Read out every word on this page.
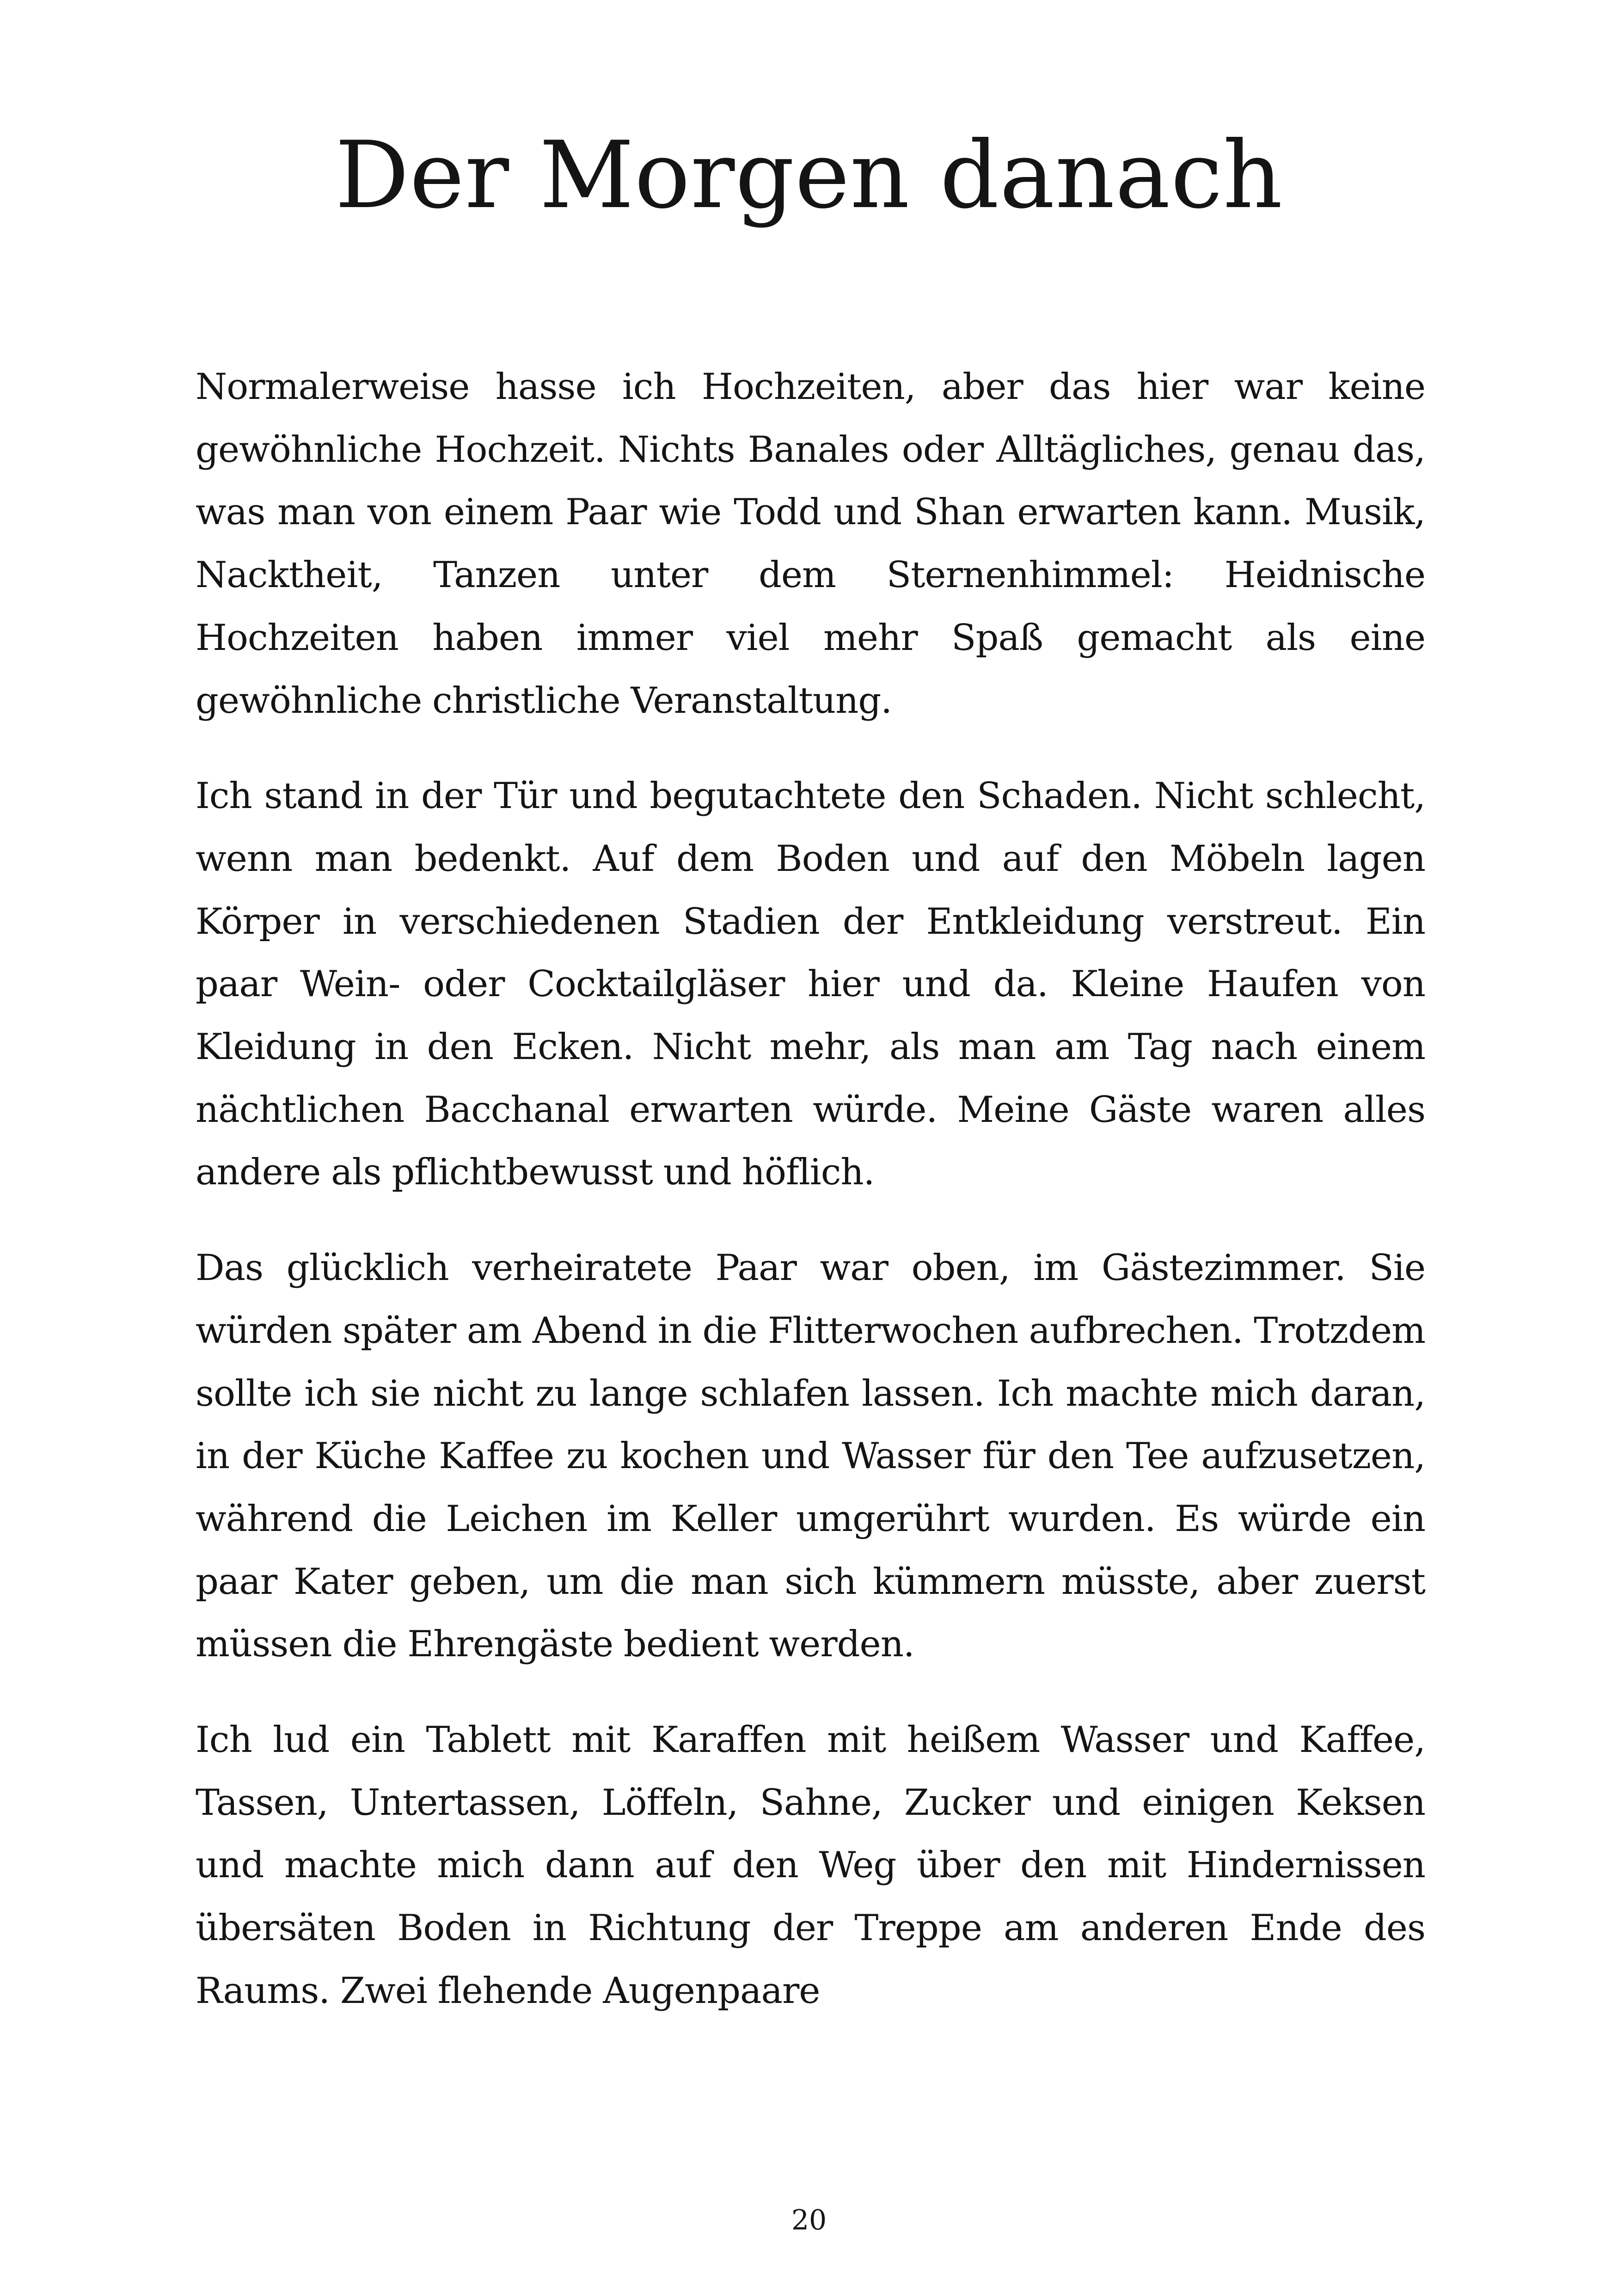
Der Morgen danach

Normalerweise hasse ich Hochzeiten, aber das hier war keine gewöhnliche Hochzeit. Nichts Banales oder Alltägliches, genau das, was man von einem Paar wie Todd und Shan erwarten kann. Musik, Nacktheit, Tanzen unter dem Sternenhimmel: Heidnische Hochzeiten haben immer viel mehr Spaß gemacht als eine gewöhnliche christliche Veranstaltung.

Ich stand in der Tür und begutachtete den Schaden. Nicht schlecht, wenn man bedenkt. Auf dem Boden und auf den Möbeln lagen Körper in verschiedenen Stadien der Entkleidung verstreut. Ein paar Wein- oder Cocktailgläser hier und da. Kleine Haufen von Kleidung in den Ecken. Nicht mehr, als man am Tag nach einem nächtlichen Bacchanal erwarten würde. Meine Gäste waren alles andere als pflichtbewusst und höflich.

Das glücklich verheiratete Paar war oben, im Gästezimmer. Sie würden später am Abend in die Flitterwochen aufbrechen. Trotzdem sollte ich sie nicht zu lange schlafen lassen. Ich machte mich daran, in der Küche Kaffee zu kochen und Wasser für den Tee aufzusetzen, während die Leichen im Keller umgerührt wurden. Es würde ein paar Kater geben, um die man sich kümmern müsste, aber zuerst müssen die Ehrengäste bedient werden.

Ich lud ein Tablett mit Karaffen mit heißem Wasser und Kaffee, Tassen, Untertassen, Löffeln, Sahne, Zucker und einigen Keksen und machte mich dann auf den Weg über den mit Hindernissen übersäten Boden in Richtung der Treppe am anderen Ende des Raums. Zwei flehende Augenpaare

20
